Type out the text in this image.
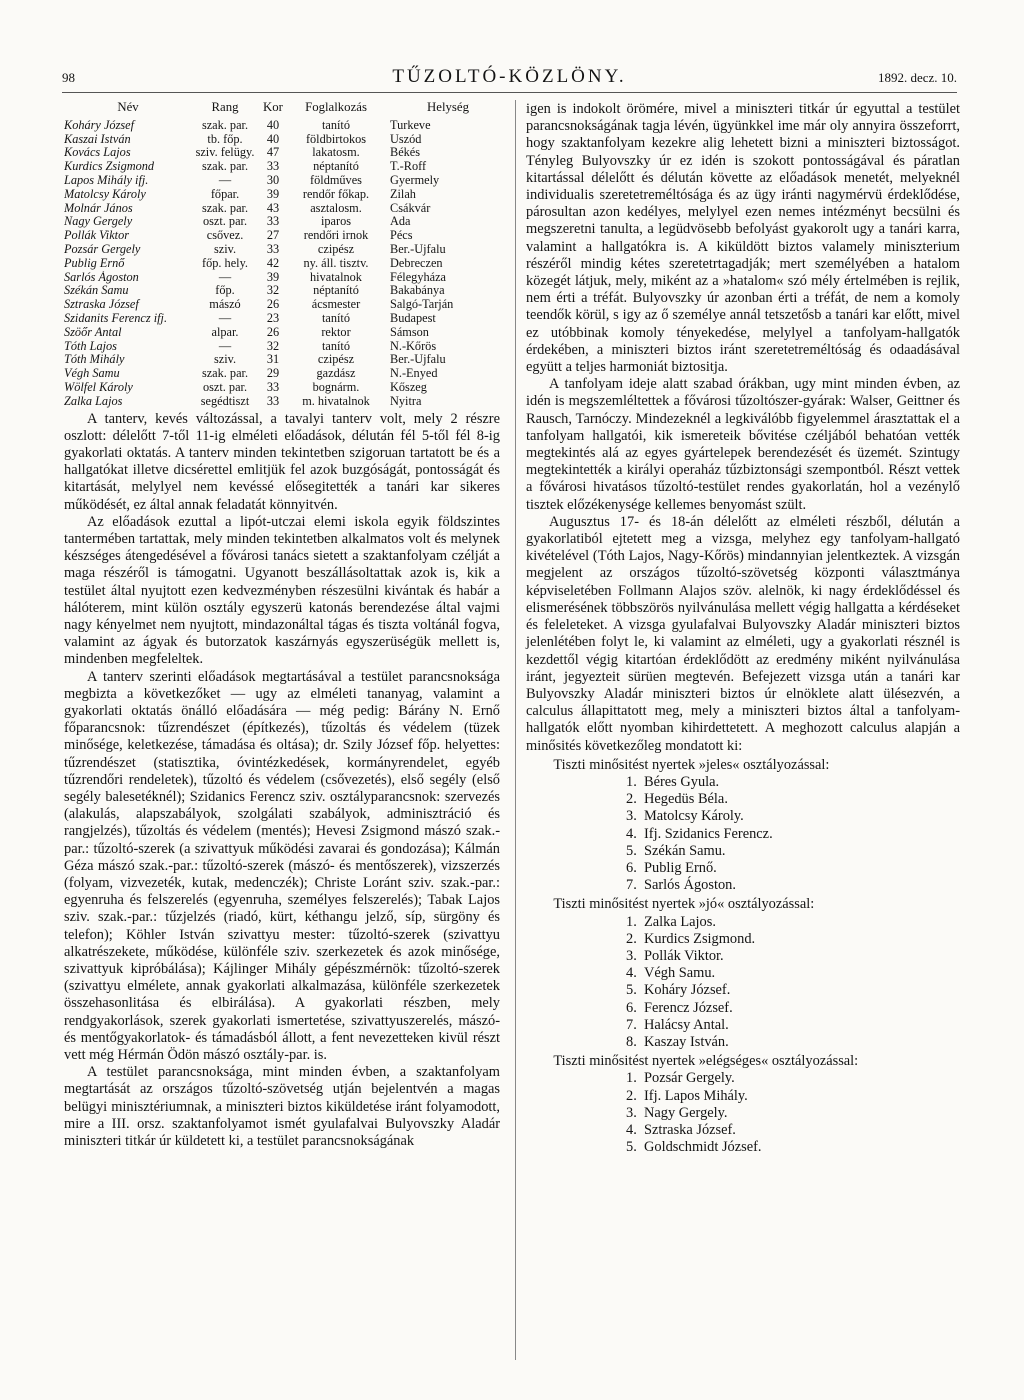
98	TŰZOLTÓ-KÖZLÖNY.	1892. decz. 10.
Név	Rang	Kor	Foglalkozás	Helység
Koháry József	szak. par.	40	tanító	Turkeve
Kaszai István	tb. főp.	40	földbirtokos	Uszód
Kovács Lajos	sziv. felügy.	47	lakatosm.	Békés
Kurdics Zsigmond	szak. par.	33	néptanító	T.-Roff
Lapos Mihály ifj.	—	30	földműves	Gyermely
Matolcsy Károly	főpar.	39	rendőr főkap.	Zilah
Molnár János	szak. par.	43	asztalosm.	Csákvár
Nagy Gergely	oszt. par.	33	iparos	Ada
Pollák Viktor	csővez.	27	rendőri irnok	Pécs
Pozsár Gergely	sziv.	33	czipész	Ber.-Ujfalu
Publig Ernő	főp. hely.	42	ny. áll. tisztv.	Debreczen
Sarlós Ágoston	—	39	hivatalnok	Félegyháza
Székán Samu	főp.	32	néptanító	Bakabánya
Sztraska József	mászó	26	ácsmester	Salgó-Tarján
Szidanits Ferencz ifj.	—	23	tanító	Budapest
Szöőr Antal	alpar.	26	rektor	Sámson
Tóth Lajos	—	32	tanító	N.-Kőrös
Tóth Mihály	sziv.	31	czipész	Ber.-Ujfalu
Végh Samu	szak. par.	29	gazdász	N.-Enyed
Wölfel Károly	oszt. par.	33	bognárm.	Kőszeg
Zalka Lajos	segédtiszt	33	m. hivatalnok	Nyitra

A tanterv, kevés változással, a tavalyi tanterv volt, mely 2 részre oszlott: délelőtt 7-től 11-ig elméleti előadások, délután fél 5-től fél 8-ig gyakorlati oktatás. A tanterv minden tekintetben szigoruan tartatott be és a hallgatókat illetve dicsérettel emlitjük fel azok buzgóságát, pontosságát és kitartását, melylyel nem kevéssé elősegitették a tanári kar sikeres működését, ez által annak feladatát könnyitvén.

Az előadások ezuttal a lipót-utczai elemi iskola egyik földszintes tantermében tartattak, mely minden tekintetben alkalmatos volt és melynek készséges átengedésével a fővárosi tanács sietett a szaktanfolyam czélját a maga részéről is támogatni. Ugyanott beszállásoltattak azok is, kik a testület által nyujtott ezen kedvezményben részesülni kivántak és habár a hálóterem, mint külön osztály egyszerü katonás berendezése által vajmi nagy kényelmet nem nyujtott, mindazonáltal tágas és tiszta voltánál fogva, valamint az ágyak és butorzatok kaszárnyás egyszerüségük mellett is, mindenben megfeleltek.

A tanterv szerinti előadások megtartásával a testület parancsnoksága megbizta a következőket — ugy az elméleti tananyag, valamint a gyakorlati oktatás önálló előadására — még pedig: Bárány N. Ernő főparancsnok: tűzrendészet (építkezés), tűzoltás és védelem (tüzek minősége, keletkezése, támadása és oltása); dr. Szily József főp. helyettes: tűzrendészet (statisztika, óvintézkedések, kormányrendelet, egyéb tűzrendőri rendeletek), tűzoltó és védelem (csővezetés), első segély (első segély balesetéknél); Szidanics Ferencz sziv. osztályparancsnok: szervezés (alakulás, alapszabályok, szolgálati szabályok, adminisztráció és rangjelzés), tűzoltás és védelem (mentés); Hevesi Zsigmond mászó szak.-par.: tűzoltó-szerek (a szivattyuk működési zavarai és gondozása); Kálmán Géza mászó szak.-par.: tűzoltó-szerek (mászó- és mentőszerek), vizszerzés (folyam, vizvezeték, kutak, medenczék); Christe Loránt sziv. szak.-par.: egyenruha és felszerelés (egyenruha, személyes felszerelés); Tabak Lajos sziv. szak.-par.: tűzjelzés (riadó, kürt, kéthangu jelző, síp, sürgöny és telefon); Köhler István szivattyu mester: tűzoltó-szerek (szivattyu alkatrészekete, működése, különféle sziv. szerkezetek és azok minősége, szivattyuk kipróbálása); Kájlinger Mihály gépészmérnök: tűzoltó-szerek (szivattyu elmélete, annak gyakorlati alkalmazása, különféle szerkezetek összehasonlitása és elbirálása). A gyakorlati részben, mely rendgyakorlások, szerek gyakorlati ismertetése, szivattyuszerelés, mászó- és mentőgyakorlatok- és támadásból állott, a fent nevezetteken kivül részt vett még Hérmán Ödön mászó osztály-par. is.

A testület parancsnoksága, mint minden évben, a szaktanfolyam megtartását az országos tűzoltó-szövetség utján bejelentvén a magas belügyi minisztériumnak, a miniszteri biztos kiküldetése iránt folyamodott, mire a III. orsz. szaktanfolyamot ismét gyulafalvai Bulyovszky Aladár miniszteri titkár úr küldetett ki, a testület parancsnokságának

igen is indokolt örömére, mivel a miniszteri titkár úr egyuttal a testület parancsnokságának tagja lévén, ügyünkkel ime már oly annyira összeforrt, hogy szaktanfolyam kezekre alig lehetett bizni a miniszteri biztosságot. Tényleg Bulyovszky úr ez idén is szokott pontosságával és páratlan kitartással délelőtt és délután követte az előadások menetét, melyeknél individualis szeretetreméltósága és az ügy iránti nagymérvü érdeklődése, párosultan azon kedélyes, melylyel ezen nemes intézményt becsülni és megszeretni tanulta, a legüdvösebb befolyást gyakorolt ugy a tanári karra, valamint a hallgatókra is. A kiküldött biztos valamely miniszterium részéről mindig kétes szeretetrtagadják; mert személyében a hatalom közegét látjuk, mely, miként az a »hatalom« szó mély értelmében is rejlik, nem érti a tréfát. Bulyovszky úr azonban érti a tréfát, de nem a komoly teendők körül, s igy az ő személye annál tetszetősb a tanári kar előtt, mivel ez utóbbinak komoly tényekedése, melylyel a tanfolyam-hallgatók érdekében, a miniszteri biztos iránt szeretetreméltóság és odaadásával együtt a teljes harmoniát biztositja.

A tanfolyam ideje alatt szabad órákban, ugy mint minden évben, az idén is megszemléltettek a fővárosi tűzoltószer-gyárak: Walser, Geittner és Rausch, Tarnóczy. Mindezeknél a legkiválóbb figyelemmel árasztattak el a tanfolyam hallgatói, kik ismereteik bővitése czéljából behatóan vették megtekintés alá az egyes gyártelepek berendezését és üzemét. Szintugy megtekintették a királyi operaház tűzbiztonsági szempontból. Részt vettek a fővárosi hivatásos tűzoltó-testület rendes gyakorlatán, hol a vezénylő tisztek előzékenysége kellemes benyomást szült.

Augusztus 17- és 18-án délelőtt az elméleti részből, délután a gyakorlatiból ejtetett meg a vizsga, melyhez egy tanfolyam-hallgató kivételével (Tóth Lajos, Nagy-Kőrös) mindannyian jelentkeztek. A vizsgán megjelent az országos tűzoltó-szövetség központi választmánya képviseletében Follmann Alajos szöv. alelnök, ki nagy érdeklődéssel és elismerésének többszörös nyilvánulása mellett végig hallgatta a kérdéseket és feleleteket. A vizsga gyulafalvai Bulyovszky Aladár miniszteri biztos jelenlétében folyt le, ki valamint az elméleti, ugy a gyakorlati résznél is kezdettől végig kitartóan érdeklődött az eredmény miként nyilvánulása iránt, jegyezteit sürüen megtevén. Befejezett vizsga után a tanári kar Bulyovszky Aladár miniszteri biztos úr elnöklete alatt ülésezvén, a calculus állapittatott meg, mely a miniszteri biztos által a tanfolyam-hallgatók előtt nyomban kihirdettetett. A meghozott calculus alapján a minősités következőleg mondatott ki:

Tiszti minősitést nyertek »jeles« osztályozással:
1. Béres Gyula.
2. Hegedüs Béla.
3. Matolcsy Károly.
4. Ifj. Szidanics Ferencz.
5. Székán Samu.
6. Publig Ernő.
7. Sarlós Ágoston.
Tiszti minősitést nyertek »jó« osztályozással:
1. Zalka Lajos.
2. Kurdics Zsigmond.
3. Pollák Viktor.
4. Végh Samu.
5. Koháry József.
6. Ferencz József.
7. Halácsy Antal.
8. Kaszay István.
Tiszti minősitést nyertek »elégséges« osztályozással:
1. Pozsár Gergely.
2. Ifj. Lapos Mihály.
3. Nagy Gergely.
4. Sztraska József.
5. Goldschmidt József.
